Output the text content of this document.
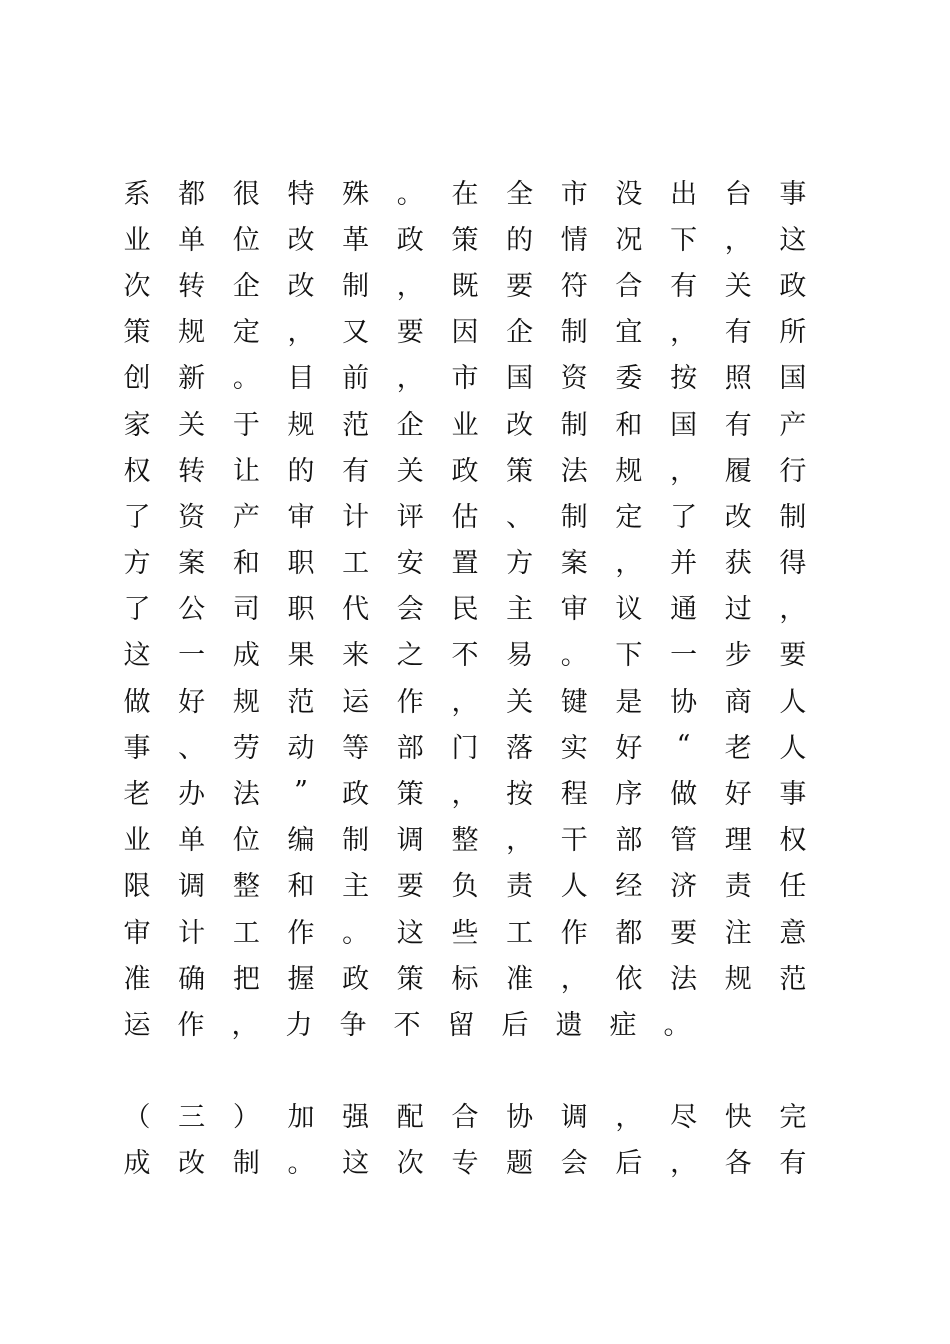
系	都	很	特	殊	。	在	全	市	没	出	台	事
业	单	位	改	革	政	策	的	情	况	下	，	这
次	转	企	改	制	，	既	要	符	合	有	关	政
策	规	定	，	又	要	因	企	制	宜	，	有	所
创	新	。	目	前	，	市	国	资	委	按	照	国
家	关	于	规	范	企	业	改	制	和	国	有	产
权	转	让	的	有	关	政	策	法	规	，	履	行
了	资	产	审	计	评	估	、	制	定	了	改	制
方	案	和	职	工	安	置	方	案	，	并	获	得
了	公	司	职	代	会	民	主	审	议	通	过	，
这	一	成	果	来	之	不	易	。	下	一	步	要
做	好	规	范	运	作	，	关	键	是	协	商	人
事	、	劳	动	等	部	门	落	实	好	“	老	人
老	办	法	”	政	策	，	按	程	序	做	好	事
业	单	位	编	制	调	整	，	干	部	管	理	权
限	调	整	和	主	要	负	责	人	经	济	责	任
审	计	工	作	。	这	些	工	作	都	要	注	意
准	确	把	握	政	策	标	准	，	依	法	规	范
运	作	，	力	争	不	留	后	遗	症	。
（	三	）	加	强	配	合	协	调	，	尽	快	完
成	改	制	。	这	次	专	题	会	后	，	各	有
